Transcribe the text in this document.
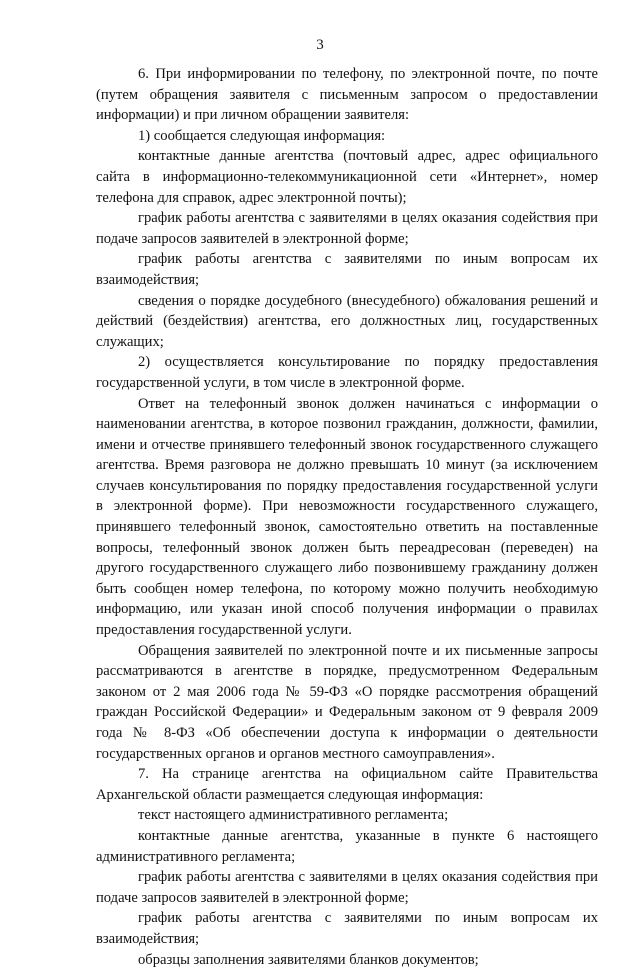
3

6. При информировании по телефону, по электронной почте, по почте (путем обращения заявителя с письменным запросом о предоставлении информации) и при личном обращении заявителя:

1) сообщается следующая информация:

контактные данные агентства (почтовый адрес, адрес официального сайта в информационно-телекоммуникационной сети «Интернет», номер телефона для справок, адрес электронной почты);

график работы агентства с заявителями в целях оказания содействия при подаче запросов заявителей в электронной форме;

график работы агентства с заявителями по иным вопросам их взаимодействия;

сведения о порядке досудебного (внесудебного) обжалования решений и действий (бездействия) агентства, его должностных лиц, государственных служащих;

2) осуществляется консультирование по порядку предоставления государственной услуги, в том числе в электронной форме.

Ответ на телефонный звонок должен начинаться с информации о наименовании агентства, в которое позвонил гражданин, должности, фамилии, имени и отчестве принявшего телефонный звонок государственного служащего агентства. Время разговора не должно превышать 10 минут (за исключением случаев консультирования по порядку предоставления государственной услуги в электронной форме). При невозможности государственного служащего, принявшего телефонный звонок, самостоятельно ответить на поставленные вопросы, телефонный звонок должен быть переадресован (переведен) на другого государственного служащего либо позвонившему гражданину должен быть сообщен номер телефона, по которому можно получить необходимую информацию, или указан иной способ получения информации о правилах предоставления государственной услуги.

Обращения заявителей по электронной почте и их письменные запросы рассматриваются в агентстве в порядке, предусмотренном Федеральным законом от 2 мая 2006 года № 59-ФЗ «О порядке рассмотрения обращений граждан Российской Федерации» и Федеральным законом от 9 февраля 2009 года № 8-ФЗ «Об обеспечении доступа к информации о деятельности государственных органов и органов местного самоуправления».

7. На странице агентства на официальном сайте Правительства Архангельской области размещается следующая информация:

текст настоящего административного регламента;

контактные данные агентства, указанные в пункте 6 настоящего административного регламента;

график работы агентства с заявителями в целях оказания содействия при подаче запросов заявителей в электронной форме;

график работы агентства с заявителями по иным вопросам их взаимодействия;

образцы заполнения заявителями бланков документов;
